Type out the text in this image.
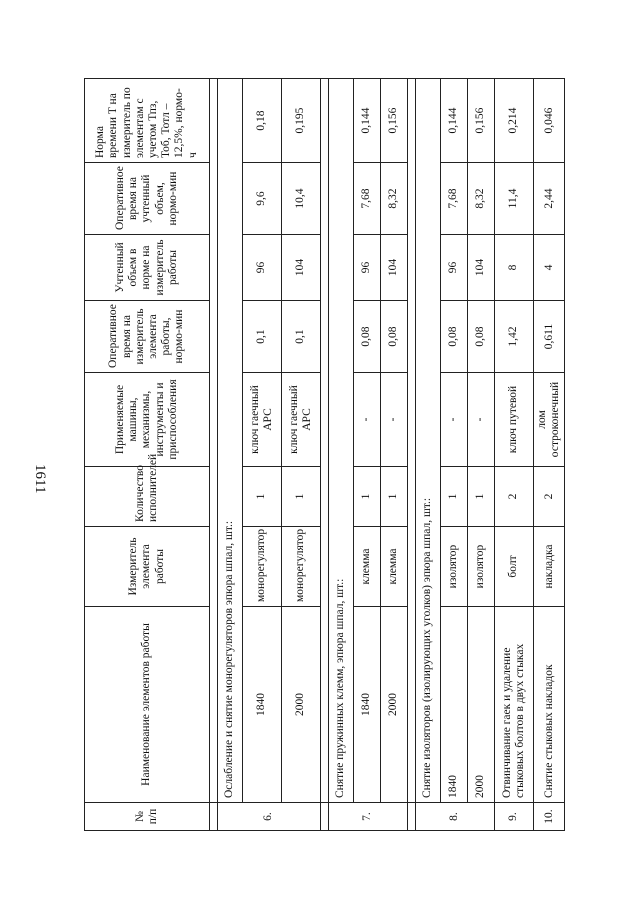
1611
№ п/п	Наименование элементов работы	Измеритель элемента работы	Количество исполнителей	Применяемые машины, механизмы, инструменты и приспособления	Оперативное время на измеритель элемента работы, нормо-мин	Учтенный объем в норме на измеритель работы	Оперативное время на учтенный объем, нормо-мин	Норма времени T на измеритель по элементам с учетом Тпз, Тоб, Тотл – 12,5%, нормо-ч

6.	Ослабление и снятие монорегуляторов эпюра шпал, шт.:							
	1840	монорегулятор	1	ключ гаечный АРС	0,1	96	9,6	0,18
	2000	монорегулятор	1	ключ гаечный АРС	0,1	104	10,4	0,195

7.	Снятие пружинных клемм, эпюра шпал, шт.:							
	1840	клемма	1	-	0,08	96	7,68	0,144
	2000	клемма	1	-	0,08	104	8,32	0,156

8.	Снятие изоляторов (изолирующих уголков) эпюра шпал, шт.:							
	1840	изолятор	1	-	0,08	96	7,68	0,144
	2000	изолятор	1	-	0,08	104	8,32	0,156
9.	Отвинчивание гаек и удаление стыковых болтов в двух стыках	болт	2	ключ путевой	1,42	8	11,4	0,214
10.	Снятие стыковых накладок	накладка	2	лом остроконечный	0,611	4	2,44	0,046
